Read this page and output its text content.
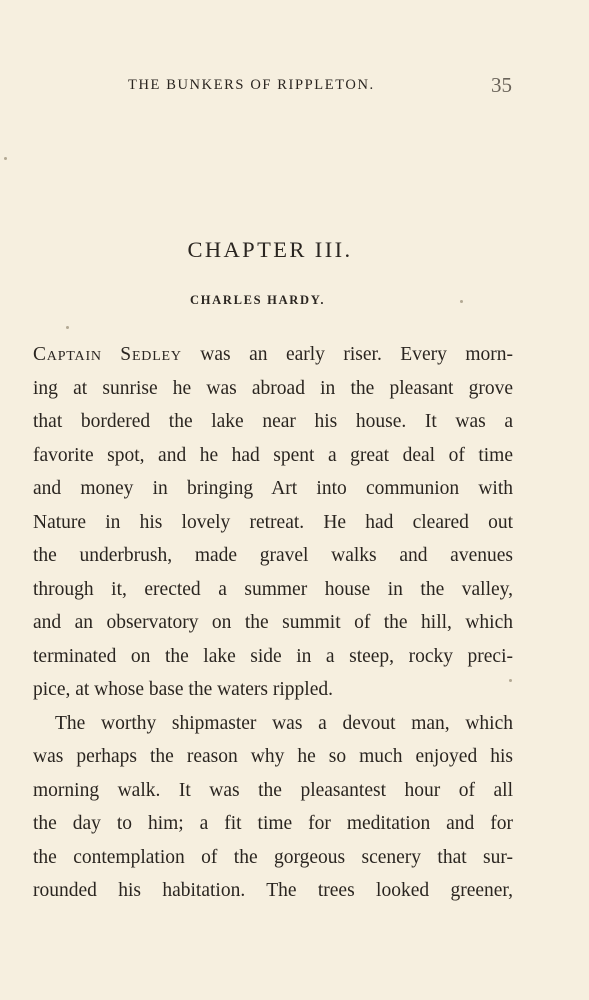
THE BUNKERS OF RIPPLETON.	35
CHAPTER III.
CHARLES HARDY.
Captain Sedley was an early riser. Every morn-
ing at sunrise he was abroad in the pleasant grove
that bordered the lake near his house. It was a
favorite spot, and he had spent a great deal of time
and money in bringing Art into communion with
Nature in his lovely retreat. He had cleared out
the underbrush, made gravel walks and avenues
through it, erected a summer house in the valley,
and an observatory on the summit of the hill, which
terminated on the lake side in a steep, rocky preci-
pice, at whose base the waters rippled.
The worthy shipmaster was a devout man, which
was perhaps the reason why he so much enjoyed his
morning walk. It was the pleasantest hour of all
the day to him; a fit time for meditation and for
the contemplation of the gorgeous scenery that sur-
rounded his habitation. The trees looked greener,
